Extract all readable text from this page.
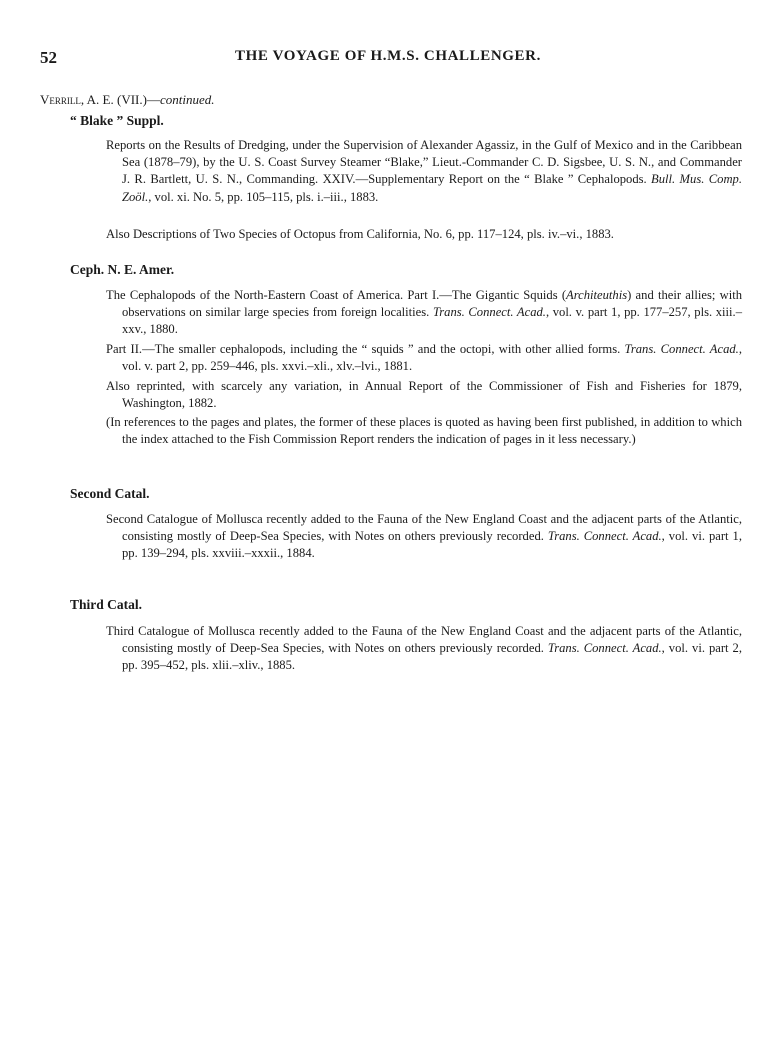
52	THE VOYAGE OF H.M.S. CHALLENGER.
Verrill, A. E. (VII.)—continued.
“ Blake ” Suppl.

Reports on the Results of Dredging, under the Supervision of Alexander Agassiz, in the Gulf of Mexico and in the Caribbean Sea (1878–79), by the U. S. Coast Survey Steamer “Blake,” Lieut.-Commander C. D. Sigsbee, U. S. N., and Commander J. R. Bartlett, U. S. N., Commanding. XXIV.—Supplementary Report on the “ Blake ” Cephalopods. Bull. Mus. Comp. Zoöl., vol. xi. No. 5, pp. 105–115, pls. i.–iii., 1883.

Also Descriptions of Two Species of Octopus from California, No. 6, pp. 117–124, pls. iv.–vi., 1883.

Ceph. N. E. Amer.

The Cephalopods of the North-Eastern Coast of America. Part I.—The Gigantic Squids (Architeuthis) and their allies; with observations on similar large species from foreign localities. Trans. Connect. Acad., vol. v. part 1, pp. 177–257, pls. xiii.–xxv., 1880.

Part II.—The smaller cephalopods, including the “ squids ” and the octopi, with other allied forms. Trans. Connect. Acad., vol. v. part 2, pp. 259–446, pls. xxvi.–xli., xlv.–lvi., 1881.

Also reprinted, with scarcely any variation, in Annual Report of the Commissioner of Fish and Fisheries for 1879, Washington, 1882.

(In references to the pages and plates, the former of these places is quoted as having been first published, in addition to which the index attached to the Fish Commission Report renders the indication of pages in it less necessary.)

Second Catal.

Second Catalogue of Mollusca recently added to the Fauna of the New England Coast and the adjacent parts of the Atlantic, consisting mostly of Deep-Sea Species, with Notes on others previously recorded. Trans. Connect. Acad., vol. vi. part 1, pp. 139–294, pls. xxviii.–xxxii., 1884.

Third Catal.

Third Catalogue of Mollusca recently added to the Fauna of the New England Coast and the adjacent parts of the Atlantic, consisting mostly of Deep-Sea Species, with Notes on others previously recorded. Trans. Connect. Acad., vol. vi. part 2, pp. 395–452, pls. xlii.–xliv., 1885.
